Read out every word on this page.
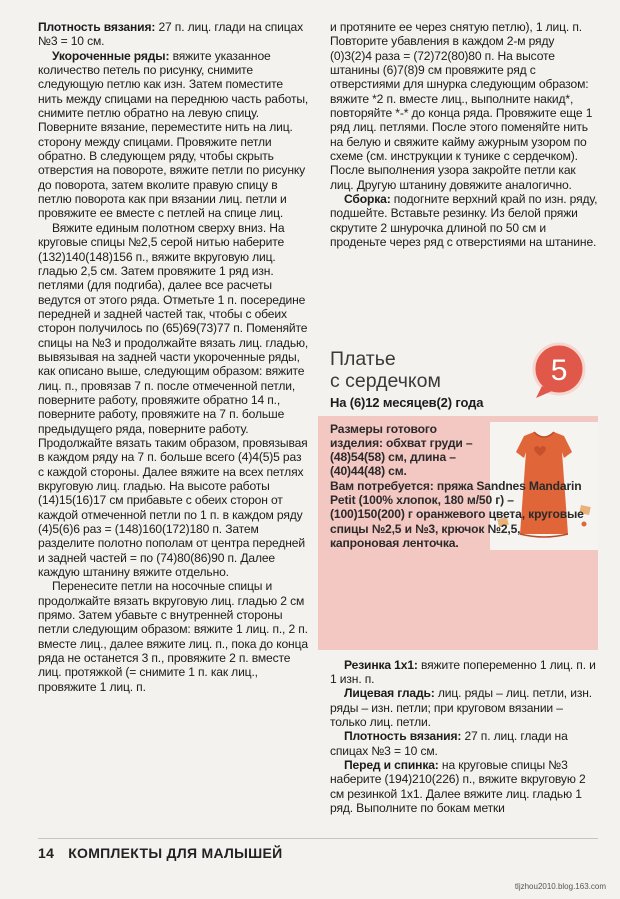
Плотность вязания: 27 п. лиц. глади на спицах №3 = 10 см.

Укороченные ряды: вяжите указанное количество петель по рисунку, снимите следующую петлю как изн. Затем поместите нить между спицами на переднюю часть работы, снимите петлю обратно на левую спицу. Поверните вязание, переместите нить на лиц. сторону между спицами. Провяжите петли обратно. В следующем ряду, чтобы скрыть отверстия на повороте, вяжите петли по рисунку до поворота, затем вколите правую спицу в петлю поворота как при вязании лиц. петли и провяжите ее вместе с петлей на спице лиц.

Вяжите единым полотном сверху вниз. На круговые спицы №2,5 серой нитью наберите (132)140(148)156 п., вяжите вкруговую лиц. гладью 2,5 см. Затем провяжите 1 ряд изн. петлями (для подгиба), далее все расчеты ведутся от этого ряда. Отметьте 1 п. посередине передней и задней частей так, чтобы с обеих сторон получилось по (65)69(73)77 п. Поменяйте спицы на №3 и продолжайте вязать лиц. гладью, вывязывая на задней части укороченные ряды, как описано выше, следующим образом: вяжите лиц. п., провязав 7 п. после отмеченной петли, поверните работу, провяжите обратно 14 п., поверните работу, провяжите на 7 п. больше предыдущего ряда, поверните работу. Продолжайте вязать таким образом, провязывая в каждом ряду на 7 п. больше всего (4)4(5)5 раз с каждой стороны. Далее вяжите на всех петлях вкруговую лиц. гладью. На высоте работы (14)15(16)17 см прибавьте с обеих сторон от каждой отмеченной петли по 1 п. в каждом ряду (4)5(6)6 раз = (148)160(172)180 п. Затем разделите полотно пополам от центра передней и задней частей = по (74)80(86)90 п. Далее каждую штанину вяжите отдельно.

Перенесите петли на носочные спицы и продолжайте вязать вкруговую лиц. гладью 2 см прямо. Затем убавьте с внутренней стороны петли следующим образом: вяжите 1 лиц. п., 2 п. вместе лиц., далее вяжите лиц. п., пока до конца ряда не останется 3 п., провяжите 2 п. вместе лиц. протяжкой (= снимите 1 п. как лиц., провяжите 1 лиц. п.

и протяните ее через снятую петлю), 1 лиц. п. Повторите убавления в каждом 2-м ряду (0)3(2)4 раза = (72)72(80)80 п. На высоте штанины (6)7(8)9 см провяжите ряд с отверстиями для шнурка следующим образом: вяжите *2 п. вместе лиц., выполните накид*, повторяйте *-* до конца ряда. Провяжите еще 1 ряд лиц. петлями. После этого поменяйте нить на белую и свяжите кайму ажурным узором по схеме (см. инструкции к тунике с сердечком). После выполнения узора закройте петли как лиц. Другую штанину довяжите аналогично.

Сборка: подогните верхний край по изн. ряду, подшейте. Вставьте резинку. Из белой пряжи скрутите 2 шнурочка длиной по 50 см и проденьте через ряд с отверстиями на штанине.

Платье
с сердечком
На (6)12 месяцев(2) года
5
Размеры готового изделия: обхват груди – (48)54(58) см, длина – (40)44(48) см.
Вам потребуется: пряжа Sandnes Mandarin Petit (100% хлопок, 180 м/50 г) – (100)150(200) г оранжевого цвета, круговые спицы №2,5 и №3, крючок №2,5, капроновая ленточка.

Резинка 1х1: вяжите попеременно 1 лиц. п. и 1 изн. п.

Лицевая гладь: лиц. ряды – лиц. петли, изн. ряды – изн. петли; при круговом вязании – только лиц. петли.

Плотность вязания: 27 п. лиц. глади на спицах №3 = 10 см.

Перед и спинка: на круговые спицы №3 наберите (194)210(226) п., вяжите вкруговую 2 см резинкой 1х1. Далее вяжите лиц. гладью 1 ряд. Выполните по бокам метки

14 КОМПЛЕКТЫ ДЛЯ МАЛЫШЕЙ
tljzhou2010.blog.163.com
